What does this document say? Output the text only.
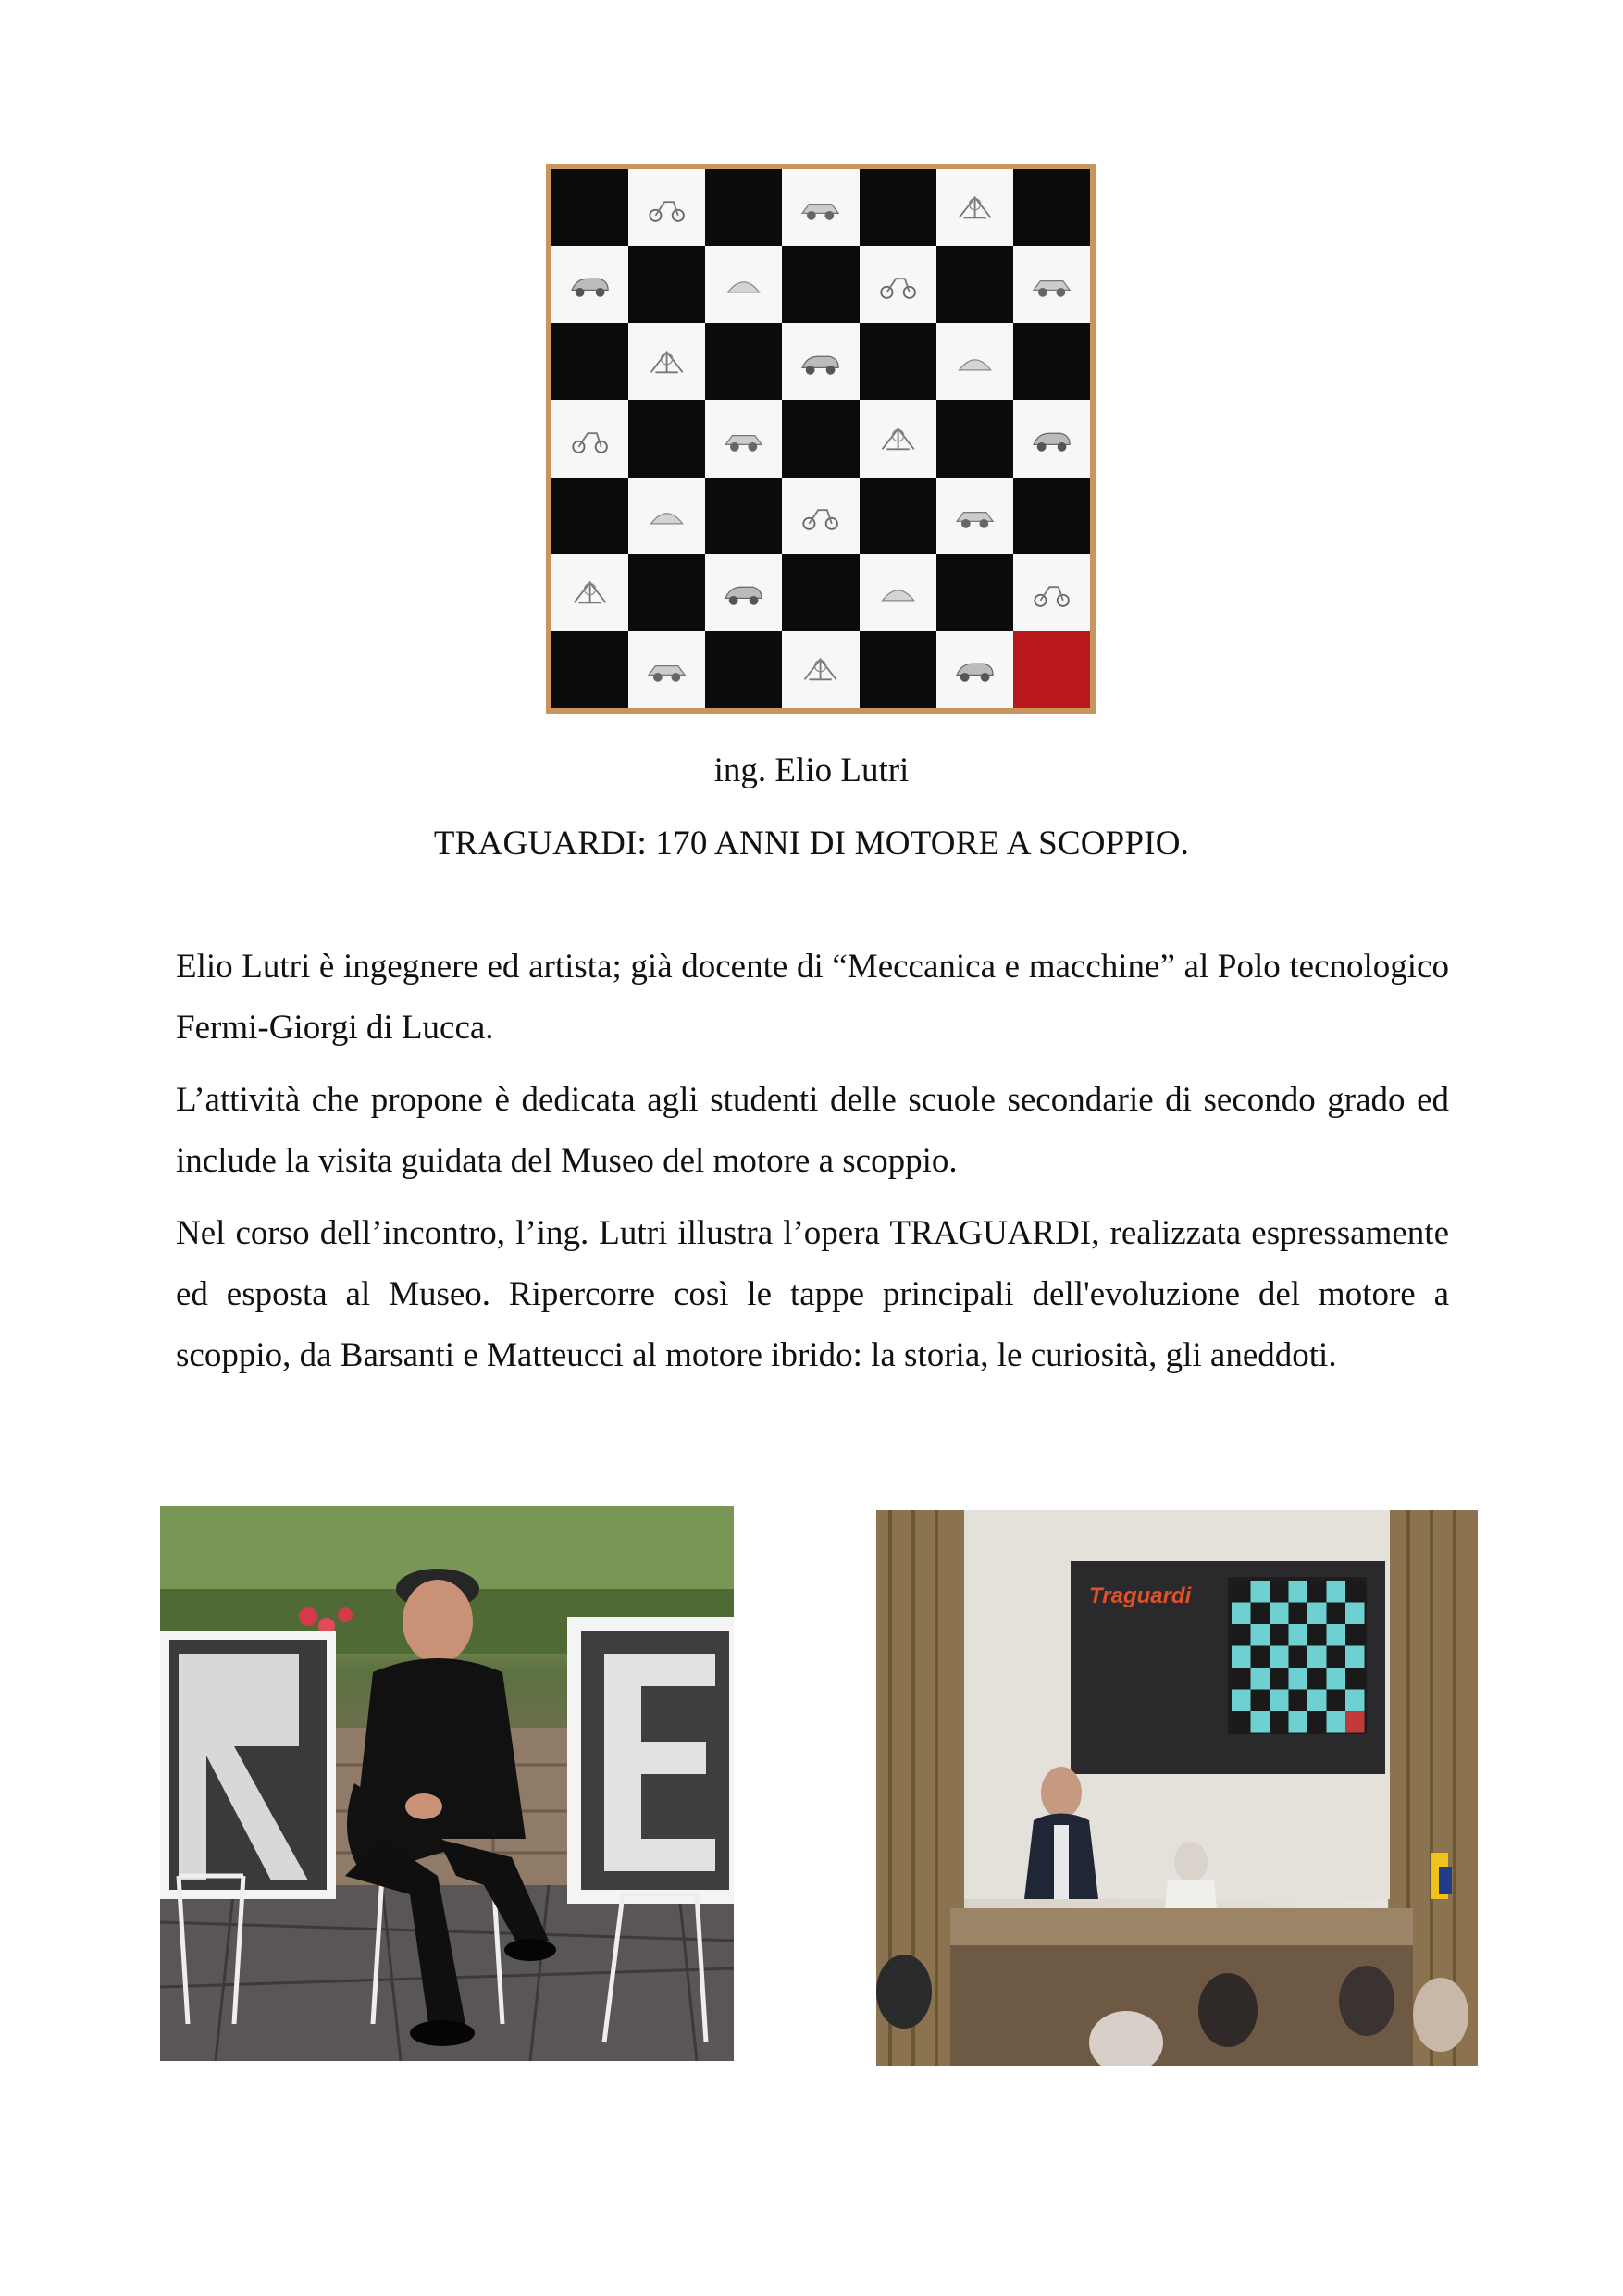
ing. Elio Lutri
TRAGUARDI: 170 ANNI DI MOTORE A SCOPPIO.

Elio Lutri è ingegnere ed artista; già docente di “Meccanica e macchine” al Polo tecnologico Fermi-Giorgi di Lucca.

L’attività che propone è dedicata agli studenti delle scuole secondarie di secondo grado ed include la visita guidata del Museo del motore a scoppio.

Nel corso dell’incontro, l’ing. Lutri illustra l’opera TRAGUARDI, realizzata espressamente ed esposta al Museo. Ripercorre così le tappe principali dell'evoluzione del motore a scoppio, da Barsanti e Matteucci al motore ibrido: la storia, le curiosità, gli aneddoti.

Traguardi
